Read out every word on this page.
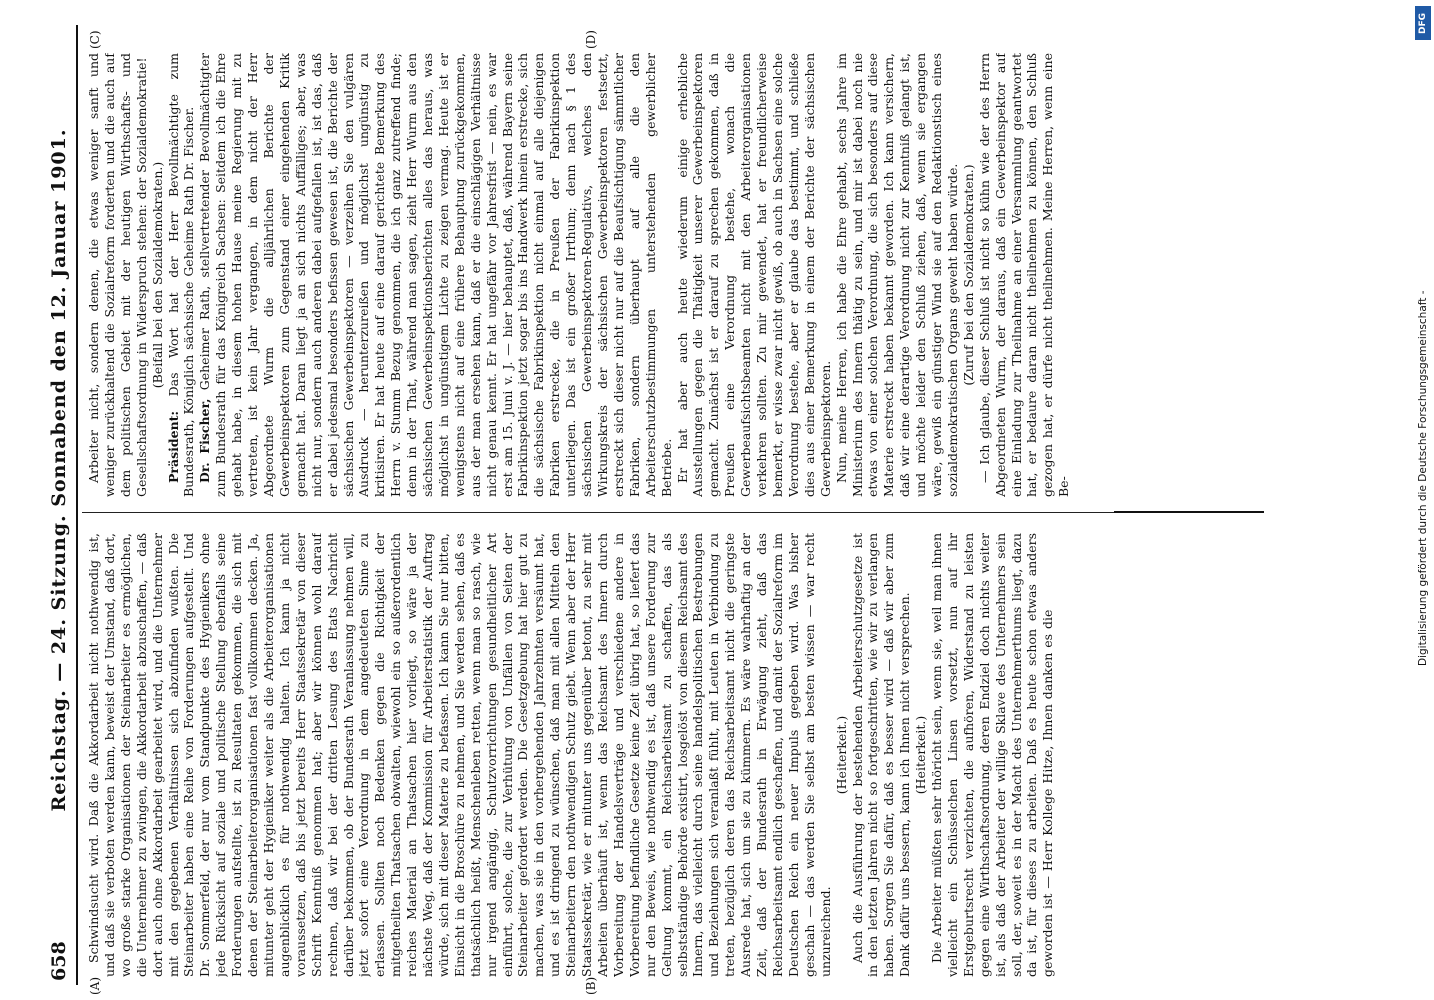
658
Reichstag. — 24. Sitzung. Sonnabend den 12. Januar 1901.
(A)	(B)
(C)	(D)

Schwindsucht wird. Daß die Akkordarbeit nicht nothwendig ist, und daß sie verboten werden kann, beweist der Umstand, daß dort, wo große starke Organisationen der Steinarbeiter es ermöglichen, die Unternehmer zu zwingen, die Akkordarbeit abzuschaffen, — daß dort auch ohne Akkordarbeit gearbeitet wird, und die Unternehmer mit den gegebenen Verhältnissen sich abzufinden wußten. Die Steinarbeiter haben eine Reihe von Forderungen aufgestellt. Und Dr. Sommerfeld, der nur vom Standpunkte des Hygienikers ohne jede Rücksicht auf soziale und politische Stellung ebenfalls seine Forderungen aufstellte, ist zu Resultaten gekommen, die sich mit denen der Steinarbeiterorganisationen fast vollkommen decken. Ja, mitunter geht der Hygieniker weiter als die Arbeiterorganisationen augenblicklich es für nothwendig halten. Ich kann ja nicht voraussetzen, daß bis jetzt bereits Herr Staatssekretär von dieser Schrift Kenntniß genommen hat; aber wir können wohl darauf rechnen, daß wir bei der dritten Lesung des Etats Nachricht darüber bekommen, ob der Bundesrath Veranlassung nehmen will, jetzt sofort eine Verordnung in dem angedeuteten Sinne zu erlassen. Sollten noch Bedenken gegen die Richtigkeit der mitgetheilten Thatsachen obwalten, wiewohl ein so außerordentlich reiches Material an Thatsachen hier vorliegt, so wäre ja der nächste Weg, daß der Kommission für Arbeiterstatistik der Auftrag würde, sich mit dieser Materie zu befassen. Ich kann Sie nur bitten, Einsicht in die Broschüre zu nehmen, und Sie werden sehen, daß es thatsächlich heißt, Menschenleben retten, wenn man so rasch, wie nur irgend angängig, Schutzvorrichtungen gesundheitlicher Art einführt, solche, die zur Verhütung von Unfällen von Seiten der Steinarbeiter gefordert werden. Die Gesetzgebung hat hier gut zu machen, was sie in den vorhergehenden Jahrzehnten versäumt hat, und es ist dringend zu wünschen, daß man mit allen Mitteln den Steinarbeitern den nothwendigen Schutz giebt. Wenn aber der Herr Staatssekretär, wie er mitunter uns gegenüber betont, zu sehr mit Arbeiten überhäuft ist, wenn das Reichsamt des Innern durch Vorbereitung der Handelsverträge und verschiedene andere in Vorbereitung befindliche Gesetze keine Zeit übrig hat, so liefert das nur den Beweis, wie nothwendig es ist, daß unsere Forderung zur Geltung kommt, ein Reichsarbeitsamt zu schaffen, das als selbstständige Behörde existirt, losgelöst von diesem Reichsamt des Innern, das vielleicht durch seine handelspolitischen Bestrebungen und Beziehungen sich veranlaßt fühlt, mit Leuten in Verbindung zu treten, bezüglich deren das Reichsarbeitsamt nicht die geringste Ausrede hat, sich um sie zu kümmern. Es wäre wahrhaftig an der Zeit, daß der Bundesrath in Erwägung zieht, daß das Reichsarbeitsamt endlich geschaffen, und damit der Sozialreform im Deutschen Reich ein neuer Impuls gegeben wird. Was bisher geschah — das werden Sie selbst am besten wissen — war recht unzureichend.

(Heiterkeit.) Auch die Ausführung der bestehenden Arbeiterschutzgesetze ist in den letzten Jahren nicht so fortgeschritten, wie wir zu verlangen haben. Sorgen Sie dafür, daß es besser wird — daß wir aber zum Dank dafür uns bessern, kann ich Ihnen nicht versprechen. (Heiterkeit.) Die Arbeiter müßten sehr thöricht sein, wenn sie, weil man ihnen vielleicht ein Schüsselchen Linsen vorsetzt, nun auf ihr Erstgeburtsrecht verzichten, die aufhören, Widerstand zu leisten gegen eine Wirthschaftsordnung, deren Endziel doch nichts weiter ist, als daß der Arbeiter der willige Sklave des Unternehmers sein soll, der, soweit es in der Macht des Unternehmerthums liegt, dazu da ist, für dieses zu arbeiten. Daß es heute schon etwas anders geworden ist — Herr Kollege Hitze, Ihnen danken es die

Arbeiter nicht, sondern denen, die etwas weniger sanft und weniger zurückhaltend die Sozialreform forderten und die auch auf dem politischen Gebiet mit der heutigen Wirthschafts- und Gesellschaftsordnung in Widerspruch stehen: der Sozialdemokratie! (Beifall bei den Sozialdemokraten.)

Präsident: Das Wort hat der Herr Bevollmächtigte zum Bundesrath, Königlich sächsische Geheime Rath Dr. Fischer. Dr. Fischer, Geheimer Rath, stellvertretender Bevollmächtigter zum Bundesrath für das Königreich Sachsen: Seitdem ich die Ehre gehabt habe, in diesem hohen Hause meine Regierung mit zu vertreten, ist kein Jahr vergangen, in dem nicht der Herr Abgeordnete Wurm die alljährlichen Berichte der Gewerbeinspektoren zum Gegenstand einer eingehenden Kritik gemacht hat. Daran liegt ja an sich nichts Auffälliges; aber, was nicht nur, sondern auch anderen dabei aufgefallen ist, ist das, daß er dabei jedesmal besonders befissen gewesen ist, die Berichte der sächsischen Gewerbeinspektoren — verzeihen Sie den vulgären Ausdruck — herunterzureißen und möglichst ungünstig zu kritisiren. Er hat heute auf eine darauf gerichtete Bemerkung des Herrn v. Stumm Bezug genommen, die ich ganz zutreffend finde; denn in der That, während man sagen, zieht Herr Wurm aus den sächsischen Gewerbeinspektionsberichten alles das heraus, was möglichst in ungünstigem Lichte zu zeigen vermag. Heute ist er wenigstens nicht auf eine frühere Behauptung zurückgekommen, aus der man ersehen kann, daß er die einschlägigen Verhältnisse nicht genau kennt. Er hat ungefähr vor Jahresfrist — nein, es war erst am 15. Juni v. J. — hier behauptet, daß, während Bayern seine Fabrikinspektion jetzt sogar bis ins Handwerk hinein erstrecke, sich die sächsische Fabrikinspektion nicht einmal auf alle diejenigen Fabriken erstrecke, die in Preußen der Fabrikinspektion unterliegen. Das ist ein großer Irrthum; denn nach § 1 des sächsischen Gewerbeinspektoren-Regulativs, welches den Wirkungskreis der sächsischen Gewerbeinspektoren festsetzt, erstreckt sich dieser nicht nur auf die Beaufsichtigung sämmtlicher Fabriken, sondern überhaupt auf alle die den Arbeiterschutzbestimmungen unterstehenden gewerblicher Betriebe. Er hat aber auch heute wiederum einige erhebliche Ausstellungen gegen die Thätigkeit unserer Gewerbeinspektoren gemacht. Zunächst ist er darauf zu sprechen gekommen, daß in Preußen eine Verordnung bestehe, wonach die Gewerbeaufsichtsbeamten nicht mit den Arbeiterorganisationen verkehren sollten. Zu mir gewendet, hat er freundlicherweise bemerkt, er wisse zwar nicht gewiß, ob auch in Sachsen eine solche Verordnung bestehe, aber er glaube das bestimmt, und schließe dies aus einer Bemerkung in einem der Berichte der sächsischen Gewerbeinspektoren. Nun, meine Herren, ich habe die Ehre gehabt, sechs Jahre im Ministerium des Innern thätig zu sein, und mir ist dabei noch nie etwas von einer solchen Verordnung, die sich besonders auf diese Materie erstreckt haben bekannt geworden. Ich kann versichern, daß wir eine derartige Verordnung nicht zur Kenntniß gelangt ist, und möchte leider den Schluß ziehen, daß, wenn sie ergangen wäre, gewiß ein günstiger Wind sie auf den Redaktionstisch eines sozialdemokratischen Organs geweht haben würde. (Zuruf bei den Sozialdemokraten.) — Ich glaube, dieser Schluß ist nicht so kühn wie der des Herrn Abgeordneten Wurm, der daraus, daß ein Gewerbeinspektor auf eine Einladung zur Theilnahme an einer Versammlung geantwortet hat, er bedaure daran nicht theilnehmen zu können, den Schluß gezogen hat, er dürfe nicht theilnehmen. Meine Herren, wenn eine Be-

DFG
Digitalisierung gefördert durch die Deutsche Forschungsgemeinschaft -
